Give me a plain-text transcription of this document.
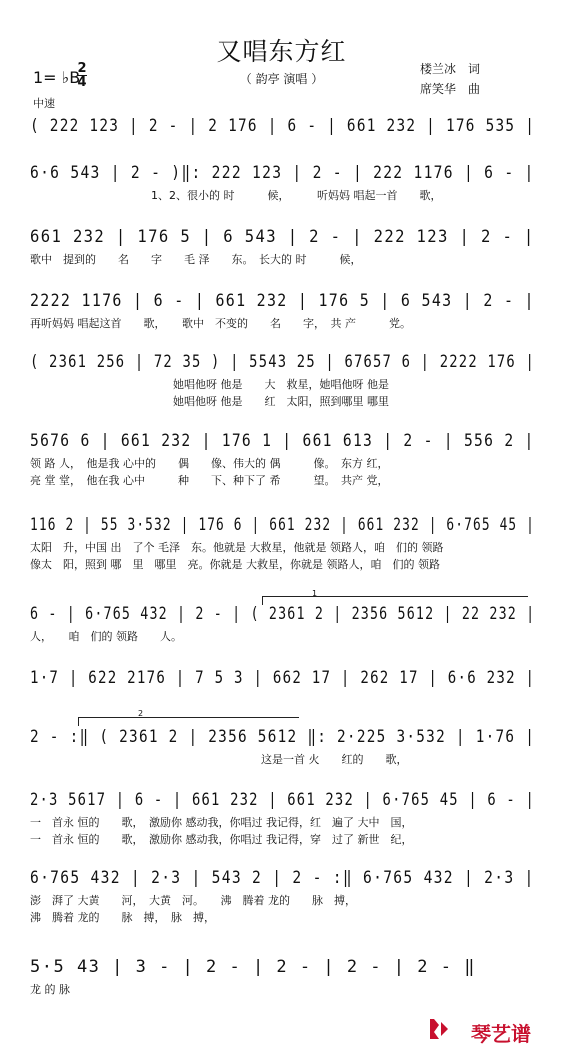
又唱东方红
（ 韵亭 演唱 ）
1= ♭B
2
4
楼兰冰　词
席笑华　曲
中速
( 222 123 | 2 - | 2 176 | 6 - | 661 232 | 176 535 |
6·6 543 | 2 - )‖: 222 123 | 2 - | 222 1176 | 6 - |
　　　　　　　　　　　1、2、很小的 时　　　候，　　　听妈妈 唱起一首　　歌，
661 232 | 176 5 | 6 543 | 2 - | 222 123 | 2 - |
歌中　提到的　　名　　字　　毛 泽　　东。　长大的 时　　　候，
2222 1176 | 6 - | 661 232 | 176 5 | 6 543 | 2 - |
再听妈妈 唱起这首　　歌，　　歌中　不变的　　名　　字，　共 产　　　党。
( 2361 256 | 72 35 ) | 5543 25 | 67657 6 | 2222 176 |
　　　　　　　　　　　　　她唱他呀 他是　　大　救星，她唱他呀 他是
　　　　　　　　　　　　　她唱他呀 他是　　红　太阳，照到哪里 哪里
5676 6 | 661 232 | 176 1 | 661 613 | 2 - | 556 2 |
领 路 人，　他是我 心中的　　偶　　像、伟大的 偶　　　像。　东方 红，
亮 堂 堂，　他在我 心中　　　种　　下、种下了 希　　　望。　共产 党，
116 2 | 55 3·532 | 176 6 | 661 232 | 661 232 | 6·765 45 |
太阳　升，中国 出　了个 毛泽　东。他就是 大救星，他就是 领路人，咱　们的 领路
像太　阳，照到 哪　里　哪里　亮。你就是 大救星，你就是 领路人，咱　们的 领路
6 - | 6·765 432 | 2 - | ( 2361 2 | 2356 5612 | 22 232 |
人，　　咱　们的 领路　　人。
1·7 | 622 2176 | 7 5 3 | 662 17 | 262 17 | 6·6 232 |
2 - :‖ ( 2361 2 | 2356 5612 ‖: 2·225 3·532 | 1·76 |
　　　　　　　　　　　　　　　　　　　　　这是一首 火　　红的　　歌，
2·3 5617 | 6 - | 661 232 | 661 232 | 6·765 45 | 6 - |
一　首永 恒的　　歌，　激励你 感动我，你唱过 我记得，红　遍了 大中　国，
一　首永 恒的　　歌，　激励你 感动我，你唱过 我记得，穿　过了 新世　纪，
6·765 432 | 2·3 | 543 2 | 2 - :‖ 6·765 432 | 2·3 |
澎　湃了 大黄　　河，　大黄　河。　　沸　腾着 龙的　　脉　搏，
沸　腾着 龙的　　脉　搏，　脉　搏，
5·5 43 | 3 - | 2 - | 2 - | 2 - | 2 - ‖
龙 的 脉
1
2
琴艺谱
